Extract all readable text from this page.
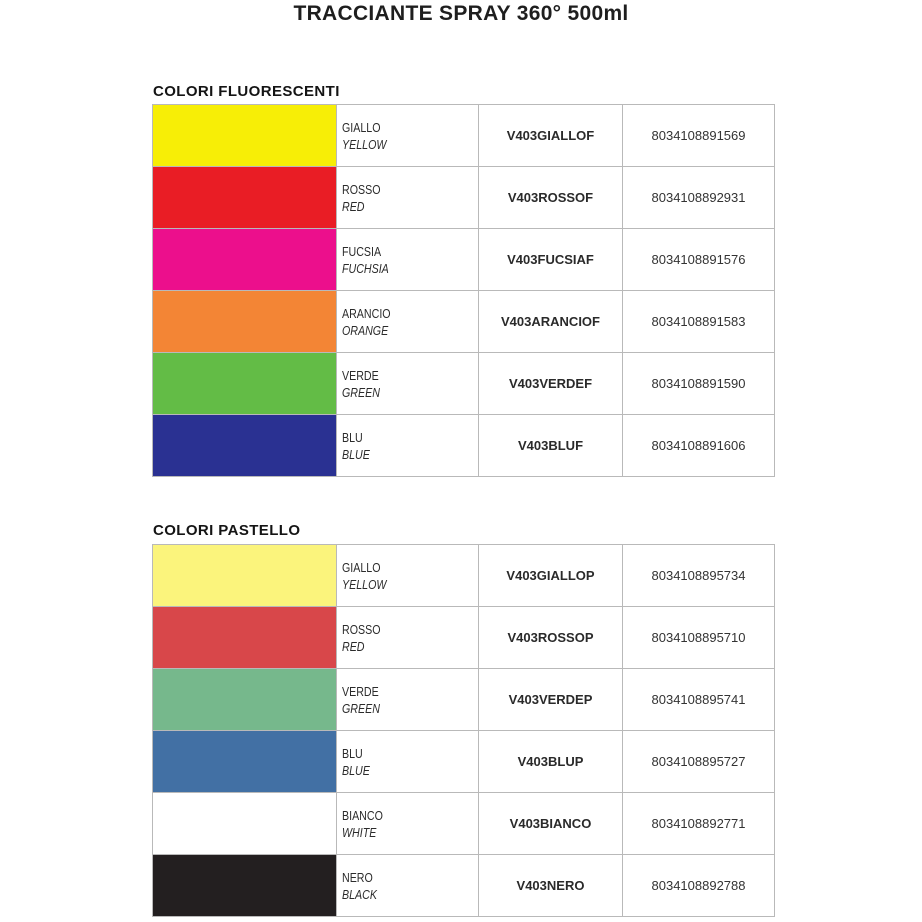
TRACCIANTE SPRAY 360° 500ml
COLORI FLUORESCENTI

	GIALLO
YELLOW	V403GIALLOF	8034108891569

	ROSSO
RED	V403ROSSOF	8034108892931

	FUCSIA
FUCHSIA	V403FUCSIAF	8034108891576

	ARANCIO
ORANGE	V403ARANCIOF	8034108891583

	VERDE
GREEN	V403VERDEF	8034108891590

	BLU
BLUE	V403BLUF	8034108891606
COLORI PASTELLO

	GIALLO
YELLOW	V403GIALLOP	8034108895734

	ROSSO
RED	V403ROSSOP	8034108895710

	VERDE
GREEN	V403VERDEP	8034108895741

	BLU
BLUE	V403BLUP	8034108895727

	BIANCO
WHITE	V403BIANCO	8034108892771

	NERO
BLACK	V403NERO	8034108892788
